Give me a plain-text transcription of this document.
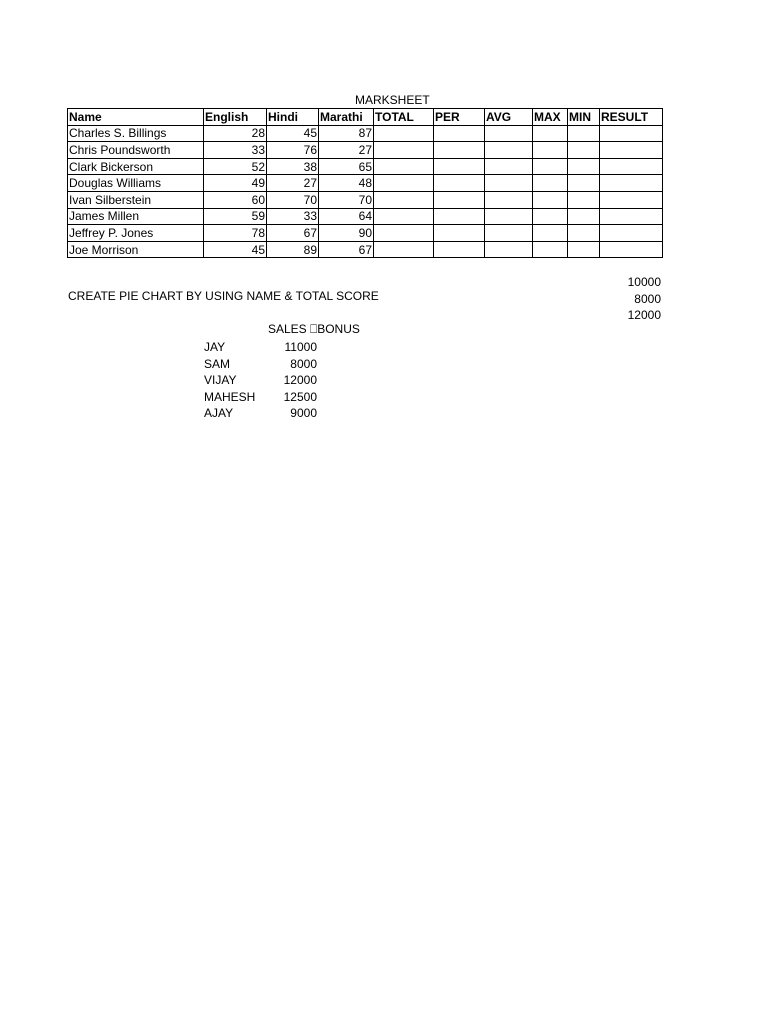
MARKSHEET
Name	English	Hindi	Marathi	TOTAL	PER	AVG	MAX	MIN	RESULT
Charles S. Billings	28	45	87						
Chris Poundsworth	33	76	27						
Clark Bickerson	52	38	65						
Douglas Williams	49	27	48						
Ivan Silberstein	60	70	70						
James Millen	59	33	64						
Jeffrey P. Jones	78	67	90						
Joe Morrison	45	89	67						
CREATE PIE CHART BY USING NAME & TOTAL SCORE
10000
8000
12000
SALES ⎕BONUS
JAY	11000
SAM	8000
VIJAY	12000
MAHESH 12500
AJAY	9000
